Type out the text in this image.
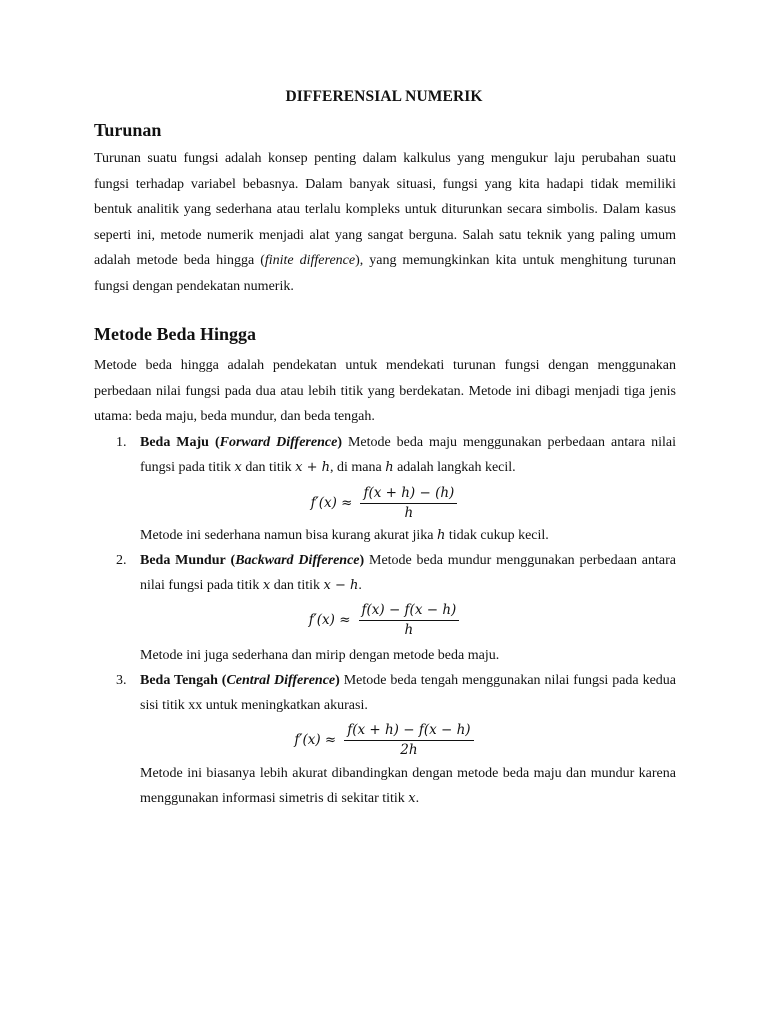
DIFFERENSIAL NUMERIK
Turunan
Turunan suatu fungsi adalah konsep penting dalam kalkulus yang mengukur laju perubahan suatu fungsi terhadap variabel bebasnya. Dalam banyak situasi, fungsi yang kita hadapi tidak memiliki bentuk analitik yang sederhana atau terlalu kompleks untuk diturunkan secara simbolis. Dalam kasus seperti ini, metode numerik menjadi alat yang sangat berguna. Salah satu teknik yang paling umum adalah metode beda hingga (finite difference), yang memungkinkan kita untuk menghitung turunan fungsi dengan pendekatan numerik.
Metode Beda Hingga
Metode beda hingga adalah pendekatan untuk mendekati turunan fungsi dengan menggunakan perbedaan nilai fungsi pada dua atau lebih titik yang berdekatan. Metode ini dibagi menjadi tiga jenis utama: beda maju, beda mundur, dan beda tengah.
1. Beda Maju (Forward Difference) Metode beda maju menggunakan perbedaan antara nilai fungsi pada titik x dan titik x + h, di mana h adalah langkah kecil.
$f'(x) \approx \frac{f(x + h) - (h)}{h}$
Metode ini sederhana namun bisa kurang akurat jika h tidak cukup kecil.
2. Beda Mundur (Backward Difference) Metode beda mundur menggunakan perbedaan antara nilai fungsi pada titik x dan titik x − h.
$f'(x) \approx \frac{f(x) - f(x - h)}{h}$
Metode ini juga sederhana dan mirip dengan metode beda maju.
3. Beda Tengah (Central Difference) Metode beda tengah menggunakan nilai fungsi pada kedua sisi titik xx untuk meningkatkan akurasi.
$f'(x) \approx \frac{f(x + h) - f(x - h)}{2h}$
Metode ini biasanya lebih akurat dibandingkan dengan metode beda maju dan mundur karena menggunakan informasi simetris di sekitar titik x.
